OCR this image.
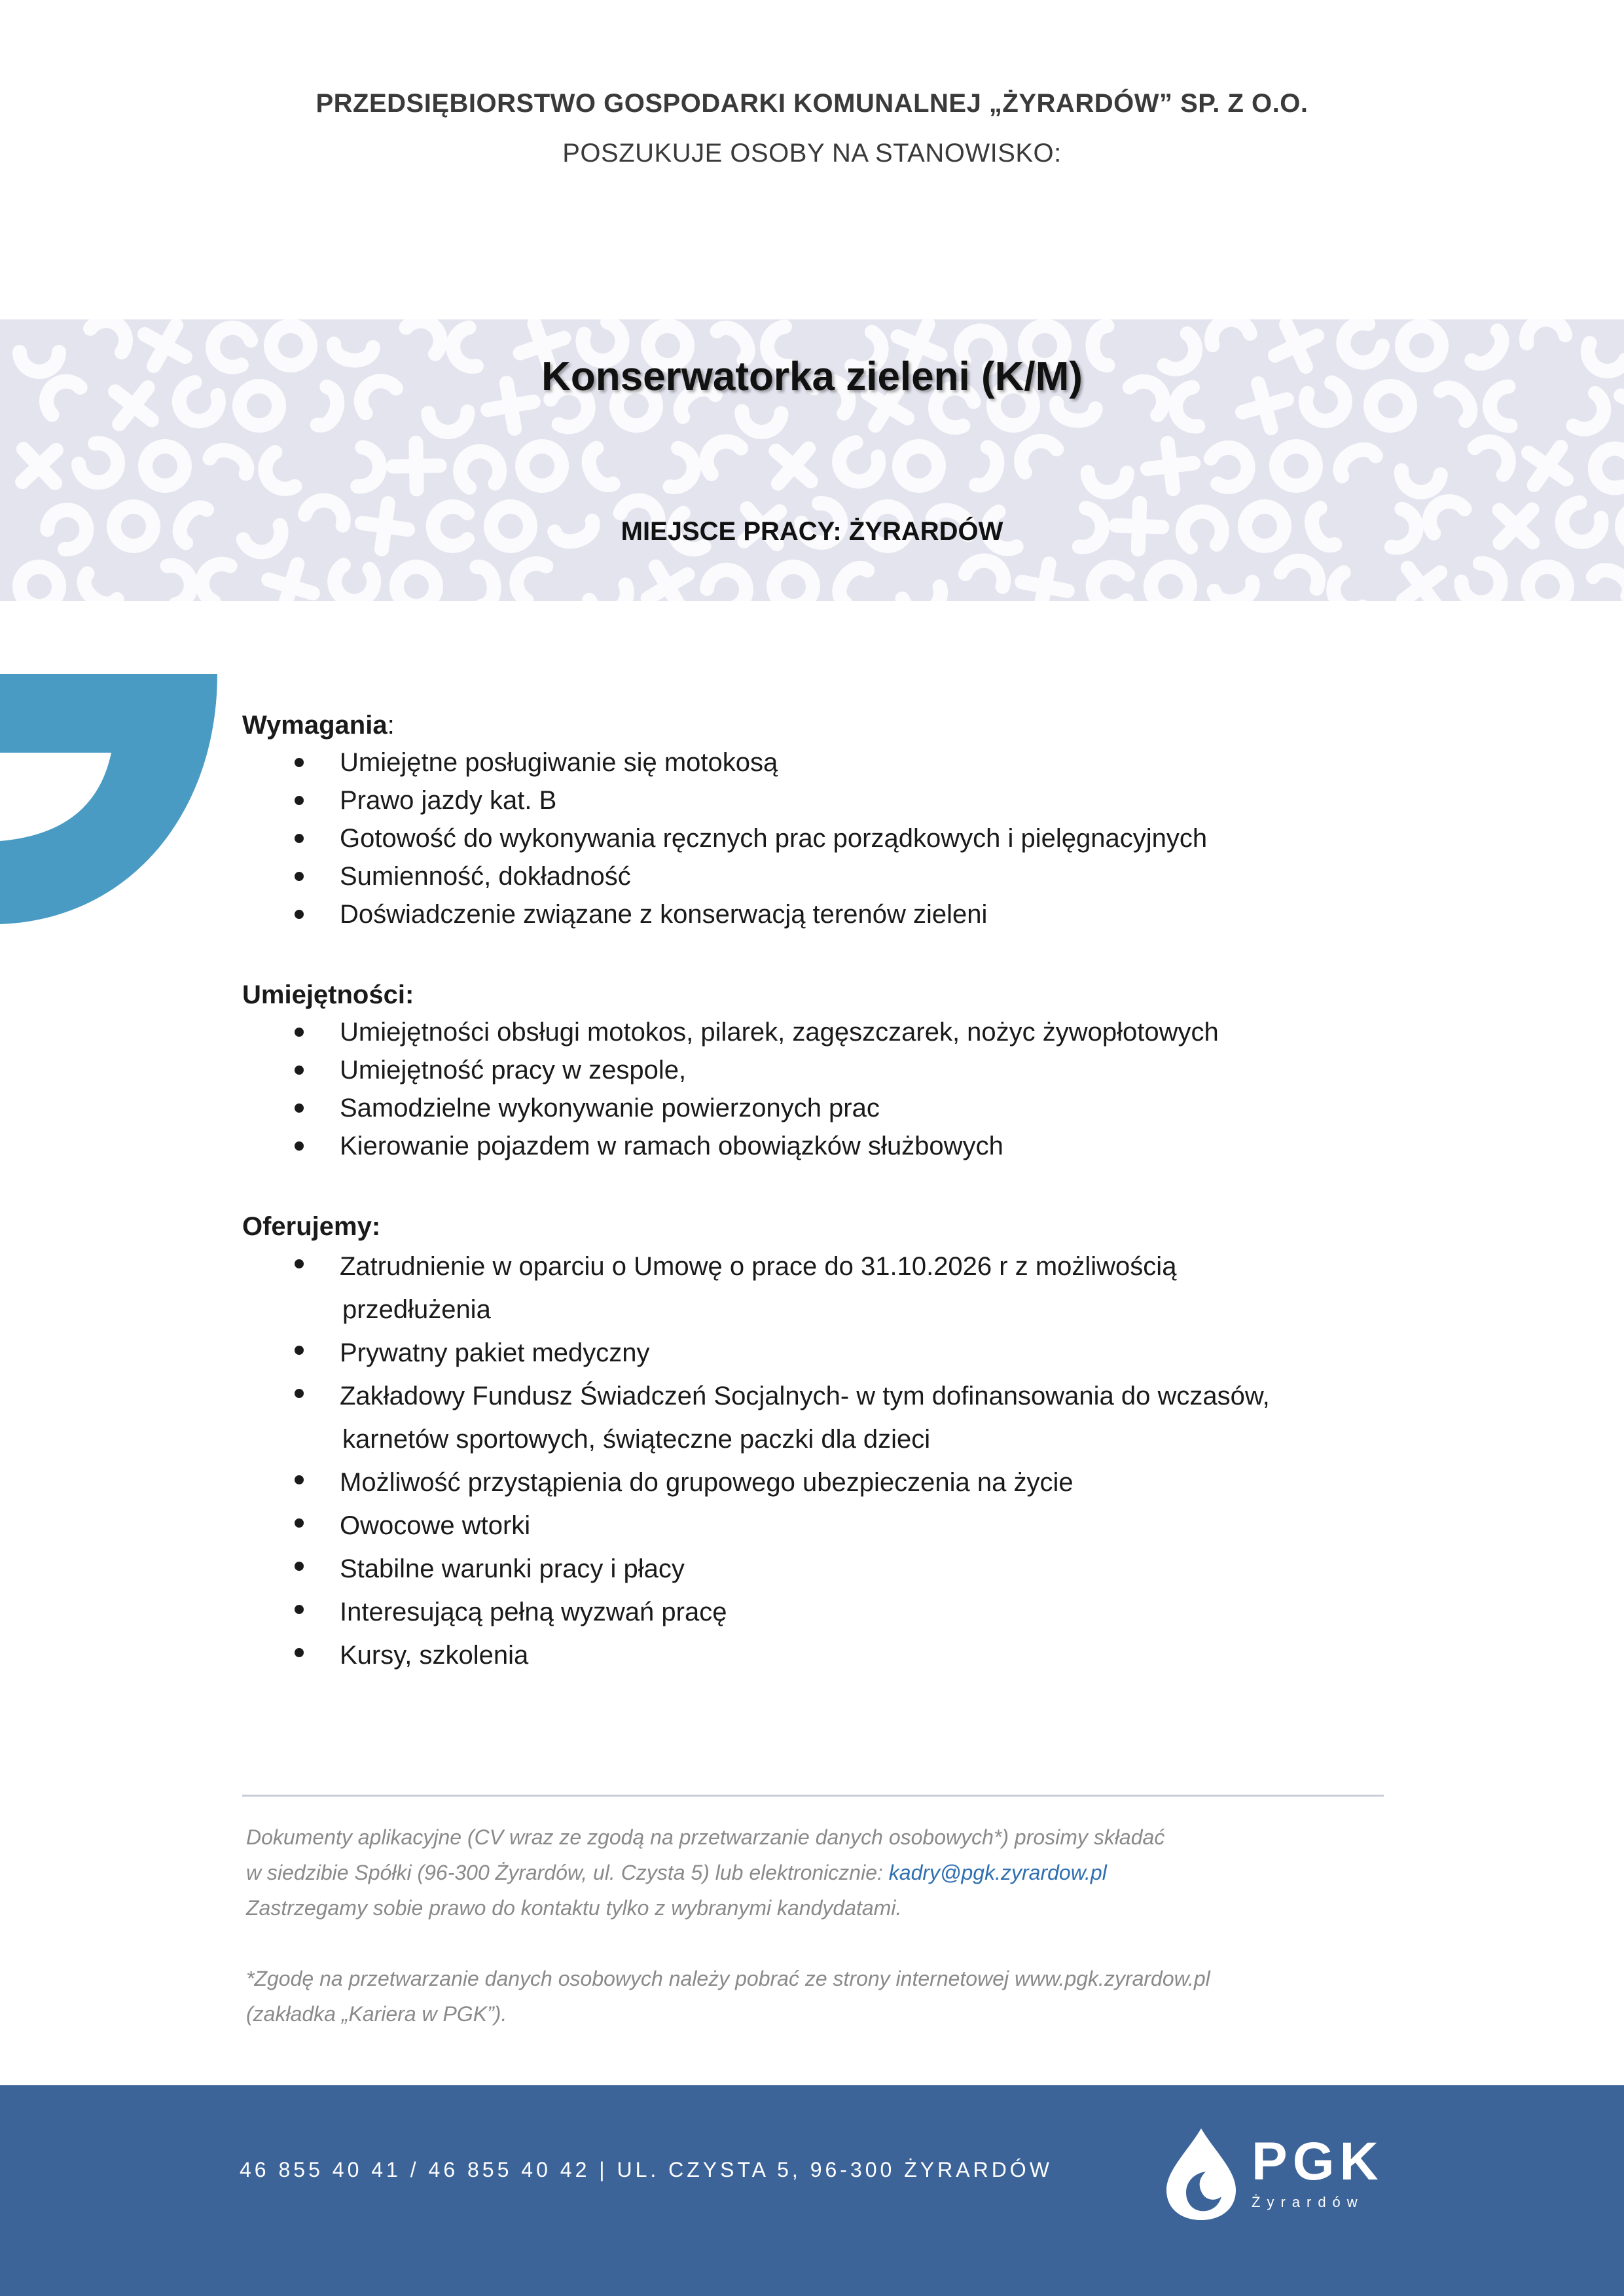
PRZEDSIĘBIORSTWO GOSPODARKI KOMUNALNEJ „ŻYRARDÓW” SP. Z O.O.
POSZUKUJE OSOBY NA STANOWISKO:
Konserwatorka zieleni (K/M)
MIEJSCE PRACY: ŻYRARDÓW

Wymagania:

Umiejętne posługiwanie się motokosą
Prawo jazdy kat. B
Gotowość do wykonywania ręcznych prac porządkowych i pielęgnacyjnych
Sumienność, dokładność
Doświadczenie związane z konserwacją terenów zieleni

Umiejętności:

Umiejętności obsługi motokos, pilarek, zagęszczarek, nożyc żywopłotowych
Umiejętność pracy w zespole,
Samodzielne wykonywanie powierzonych prac
Kierowanie pojazdem w ramach obowiązków służbowych

Oferujemy:

Zatrudnienie w oparciu o Umowę o prace do 31.10.2026 r z możliwością
przedłużenia
Prywatny pakiet medyczny
Zakładowy Fundusz Świadczeń Socjalnych- w tym dofinansowania do wczasów,
karnetów sportowych, świąteczne paczki dla dzieci
Możliwość przystąpienia do grupowego ubezpieczenia na życie
Owocowe wtorki
Stabilne warunki pracy i płacy
Interesującą pełną wyzwań pracę
Kursy, szkolenia
Dokumenty aplikacyjne (CV wraz ze zgodą na przetwarzanie danych osobowych*) prosimy składać
w siedzibie Spółki (96-300 Żyrardów, ul. Czysta 5) lub elektronicznie: kadry@pgk.zyrardow.pl
Zastrzegamy sobie prawo do kontaktu tylko z wybranymi kandydatami.
*Zgodę na przetwarzanie danych osobowych należy pobrać ze strony internetowej www.pgk.zyrardow.pl
(zakładka „Kariera w PGK”).
46 855 40 41 / 46 855 40 42 | UL. CZYSTA 5, 96-300 ŻYRARDÓW	PGK
Żyrardów
